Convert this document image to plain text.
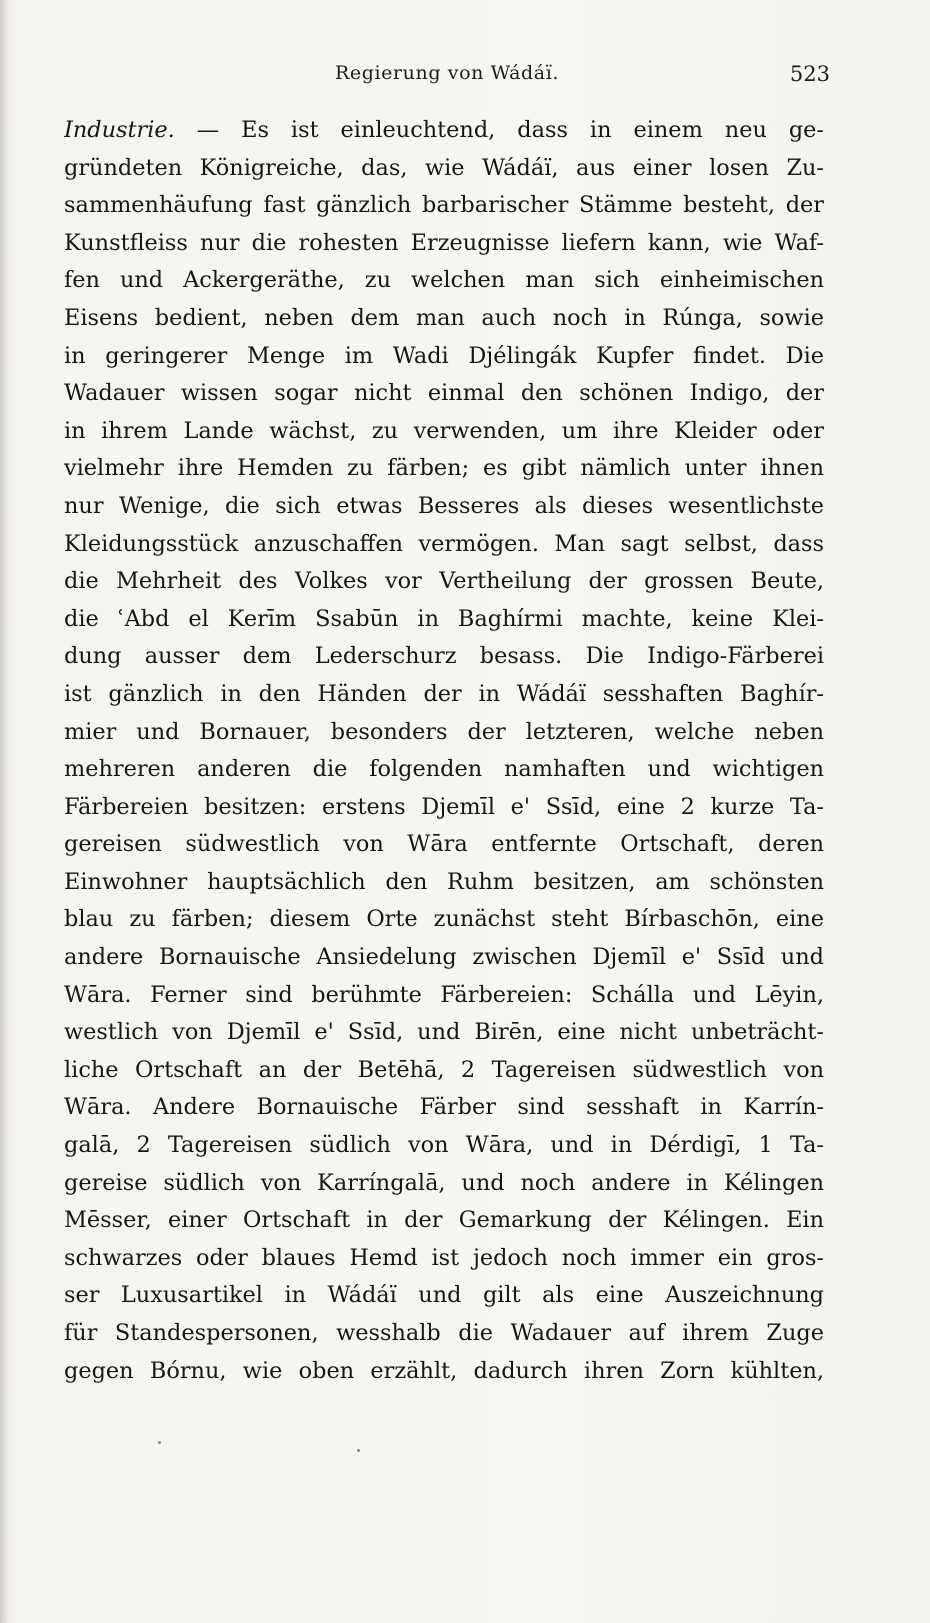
Regierung von Wádáï.	523
Industrie. — Es ist einleuchtend, dass in einem neu ge-
gründeten Königreiche, das, wie Wádáï, aus einer losen Zu-
sammenhäufung fast gänzlich barbarischer Stämme besteht, der
Kunstfleiss nur die rohesten Erzeugnisse liefern kann, wie Waf-
fen und Ackergeräthe, zu welchen man sich einheimischen
Eisens bedient, neben dem man auch noch in Rúnga, sowie
in geringerer Menge im Wadi Djélingák Kupfer findet. Die
Wadauer wissen sogar nicht einmal den schönen Indigo, der
in ihrem Lande wächst, zu verwenden, um ihre Kleider oder
vielmehr ihre Hemden zu färben; es gibt nämlich unter ihnen
nur Wenige, die sich etwas Besseres als dieses wesentlichste
Kleidungsstück anzuschaffen vermögen. Man sagt selbst, dass
die Mehrheit des Volkes vor Vertheilung der grossen Beute,
die ʿAbd el Kerīm Ssabūn in Baghírmi machte, keine Klei-
dung ausser dem Lederschurz besass. Die Indigo-Färberei
ist gänzlich in den Händen der in Wádáï sesshaften Baghír-
mier und Bornauer, besonders der letzteren, welche neben
mehreren anderen die folgenden namhaften und wichtigen
Färbereien besitzen: erstens Djemīl e' Ssīd, eine 2 kurze Ta-
gereisen südwestlich von Wāra entfernte Ortschaft, deren
Einwohner hauptsächlich den Ruhm besitzen, am schönsten
blau zu färben; diesem Orte zunächst steht Bírbaschōn, eine
andere Bornauische Ansiedelung zwischen Djemīl e' Ssīd und
Wāra. Ferner sind berühmte Färbereien: Schálla und Lēyin,
westlich von Djemīl e' Ssīd, und Birēn, eine nicht unbeträcht-
liche Ortschaft an der Betēhā, 2 Tagereisen südwestlich von
Wāra. Andere Bornauische Färber sind sesshaft in Karrín-
galā, 2 Tagereisen südlich von Wāra, und in Dérdigī, 1 Ta-
gereise südlich von Karríngalā, und noch andere in Kélingen
Mēsser, einer Ortschaft in der Gemarkung der Kélingen. Ein
schwarzes oder blaues Hemd ist jedoch noch immer ein gros-
ser Luxusartikel in Wádáï und gilt als eine Auszeichnung
für Standespersonen, wesshalb die Wadauer auf ihrem Zuge
gegen Bórnu, wie oben erzählt, dadurch ihren Zorn kühlten,
